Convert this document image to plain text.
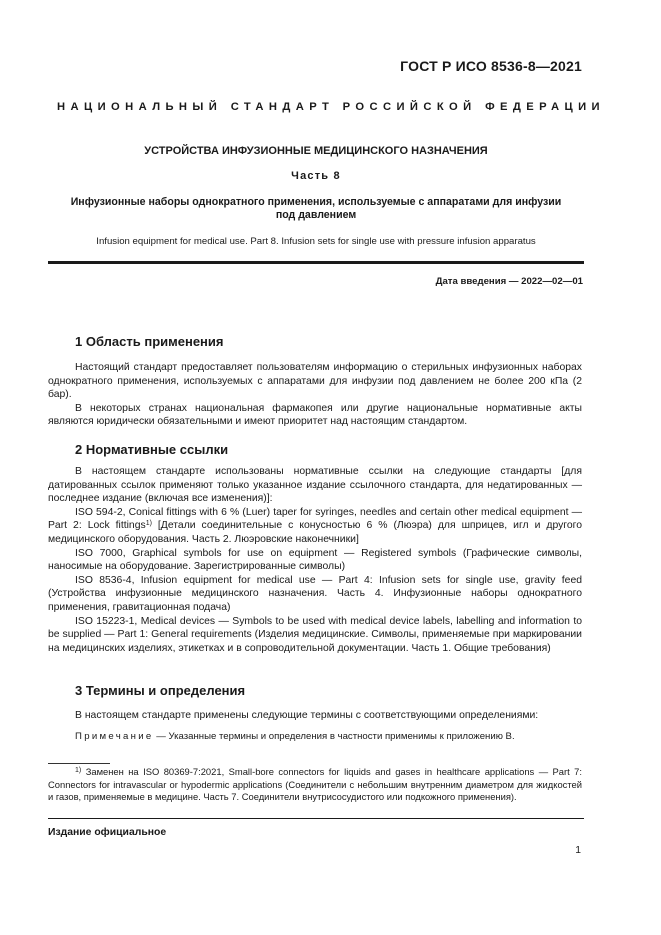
ГОСТ Р ИСО 8536-8—2021
НАЦИОНАЛЬНЫЙ СТАНДАРТ РОССИЙСКОЙ ФЕДЕРАЦИИ
УСТРОЙСТВА ИНФУЗИОННЫЕ МЕДИЦИНСКОГО НАЗНАЧЕНИЯ
Часть 8
Инфузионные наборы однократного применения, используемые с аппаратами для инфузии под давлением
Infusion equipment for medical use. Part 8. Infusion sets for single use with pressure infusion apparatus
Дата введения — 2022—02—01
1 Область применения

Настоящий стандарт предоставляет пользователям информацию о стерильных инфузионных наборах однократного применения, используемых с аппаратами для инфузии под давлением не более 200 кПа (2 бар).

В некоторых странах национальная фармакопея или другие национальные нормативные акты являются юридически обязательными и имеют приоритет над настоящим стандартом.

2 Нормативные ссылки

В настоящем стандарте использованы нормативные ссылки на следующие стандарты [для датированных ссылок применяют только указанное издание ссылочного стандарта, для недатированных — последнее издание (включая все изменения)]:

ISO 594-2, Conical fittings with 6 % (Luer) taper for syringes, needles and certain other medical equipment — Part 2: Lock fittings$^{1)}$ [Детали соединительные с конусностью 6 % (Люэра) для шприцев, игл и другого медицинского оборудования. Часть 2. Люэровские наконечники]

ISO 7000, Graphical symbols for use on equipment — Registered symbols (Графические символы, наносимые на оборудование. Зарегистрированные символы)

ISO 8536-4, Infusion equipment for medical use — Part 4: Infusion sets for single use, gravity feed (Устройства инфузионные медицинского назначения. Часть 4. Инфузионные наборы однократного применения, гравитационная подача)

ISO 15223-1, Medical devices — Symbols to be used with medical device labels, labelling and information to be supplied — Part 1: General requirements (Изделия медицинские. Символы, применяемые при маркировании на медицинских изделиях, этикетках и в сопроводительной документации. Часть 1. Общие требования)

3 Термины и определения

В настоящем стандарте применены следующие термины с соответствующими определениями:

Примечание — Указанные термины и определения в частности применимы к приложению В.

$^{1)}$ Заменен на ISO 80369-7:2021, Small-bore connectors for liquids and gases in healthcare applications — Part 7: Connectors for intravascular or hypodermic applications (Соединители с небольшим внутренним диаметром для жидкостей и газов, применяемые в медицине. Часть 7. Соединители внутрисосудистого или подкожного применения).

Издание официальное
1
